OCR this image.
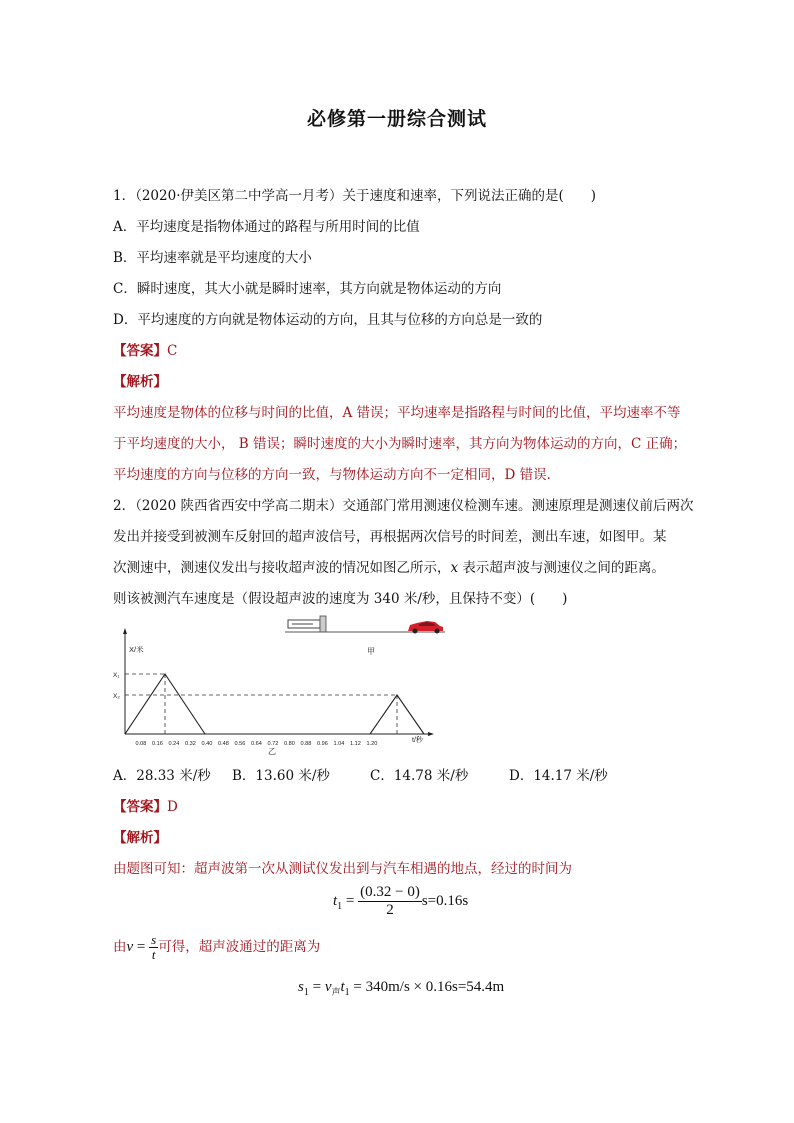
必修第一册综合测试
1．（2020·伊美区第二中学高一月考）关于速度和速率，下列说法正确的是(　　)
A．平均速度是指物体通过的路程与所用时间的比值
B．平均速率就是平均速度的大小
C．瞬时速度，其大小就是瞬时速率，其方向就是物体运动的方向
D．平均速度的方向就是物体运动的方向，且其与位移的方向总是一致的
【答案】C
【解析】
平均速度是物体的位移与时间的比值，A 错误；平均速率是指路程与时间的比值，平均速率不等
于平均速度的大小， B 错误；瞬时速度的大小为瞬时速率，其方向为物体运动的方向，C 正确；
平均速度的方向与位移的方向一致，与物体运动方向不一定相同，D 错误．
2．（2020 陕西省西安中学高二期末）交通部门常用测速仪检测车速。测速原理是测速仪前后两次
发出并接受到被测车反射回的超声波信号，再根据两次信号的时间差，测出车速，如图甲。某
次测速中，测速仪发出与接收超声波的情况如图乙所示，x 表示超声波与测速仪之间的距离。
则该被测汽车速度是（假设超声波的速度为 340 米/秒，且保持不变）(　　)
甲
X/米
t/秒
X₁
X₂
0.08 0.16 0.24 0.32 0.40 0.48 0.56 0.64 0.72 0.80 0.88 0.96 1.04 1.12 1.20
乙
A．28.33 米/秒 B．13.60 米/秒	C．14.78 米/秒	D．14.17 米/秒
【答案】D
【解析】
由题图可知：超声波第一次从测试仪发出到与汽车相遇的地点，经过的时间为
$t_1 = \frac{(0.32 - 0)}{2} s=0.16s$
由$v = \frac{s}{t}$ 可得，超声波通过的距离为
$s_1 = v_声t_1 = 340m/s \times 0.16s=54.4m$
